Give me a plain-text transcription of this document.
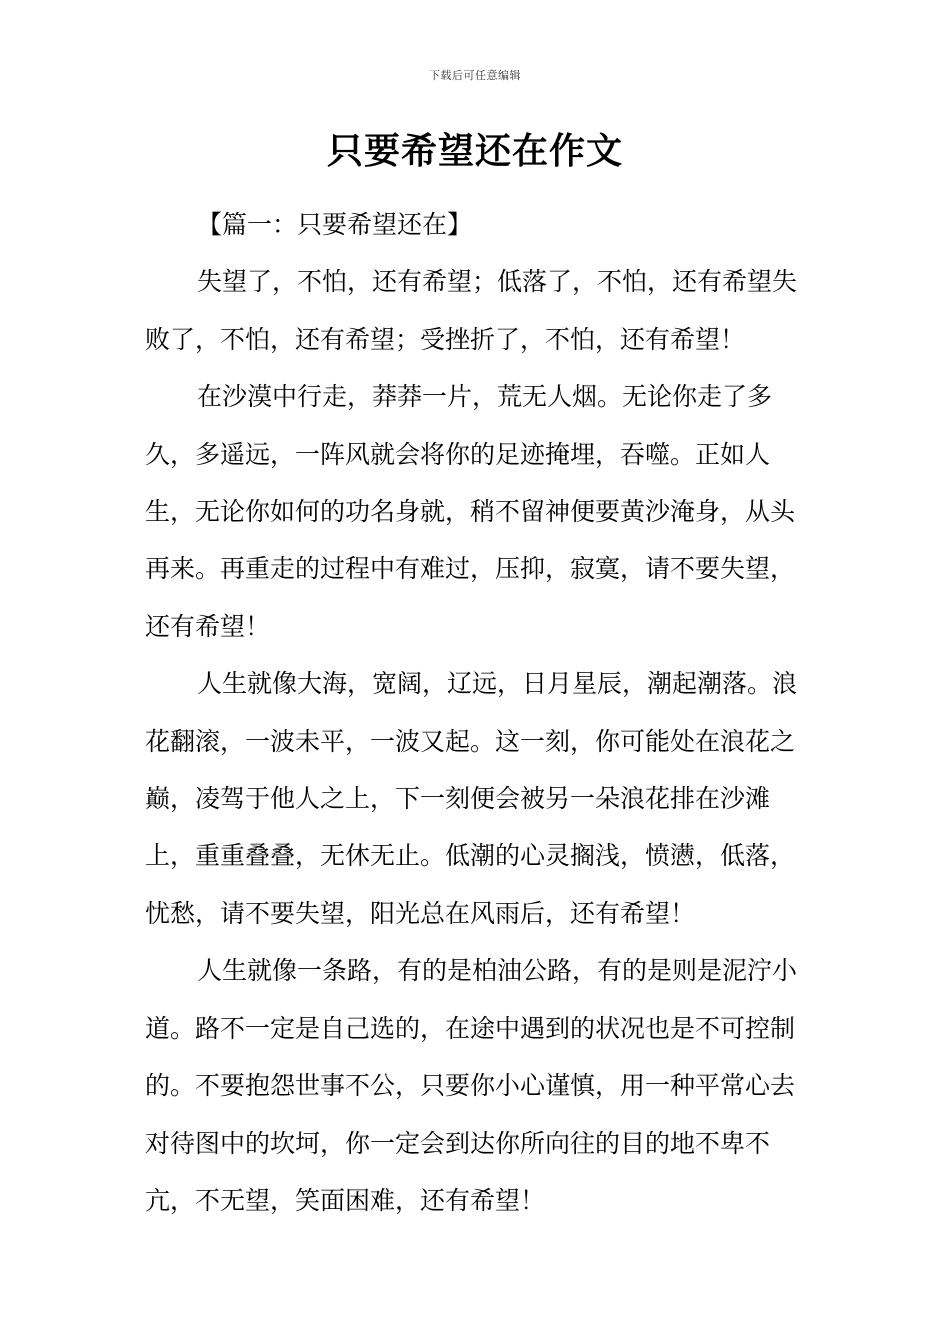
下载后可任意编辑
只要希望还在作文

【篇一：只要希望还在】

失望了，不怕，还有希望；低落了，不怕，还有希望失败了，不怕，还有希望；受挫折了，不怕，还有希望！

在沙漠中行走，莽莽一片，荒无人烟。无论你走了多久，多遥远，一阵风就会将你的足迹掩埋，吞噬。正如人生，无论你如何的功名身就，稍不留神便要黄沙淹身，从头再来。再重走的过程中有难过，压抑，寂寞，请不要失望，还有希望！

人生就像大海，宽阔，辽远，日月星辰，潮起潮落。浪花翻滚，一波未平，一波又起。这一刻，你可能处在浪花之巅，凌驾于他人之上，下一刻便会被另一朵浪花排在沙滩上，重重叠叠，无休无止。低潮的心灵搁浅，愤懑，低落，忧愁，请不要失望，阳光总在风雨后，还有希望！

人生就像一条路，有的是柏油公路，有的是则是泥泞小道。路不一定是自己选的，在途中遇到的状况也是不可控制的。不要抱怨世事不公，只要你小心谨慎，用一种平常心去对待图中的坎坷，你一定会到达你所向往的目的地不卑不亢，不无望，笑面困难，还有希望！
